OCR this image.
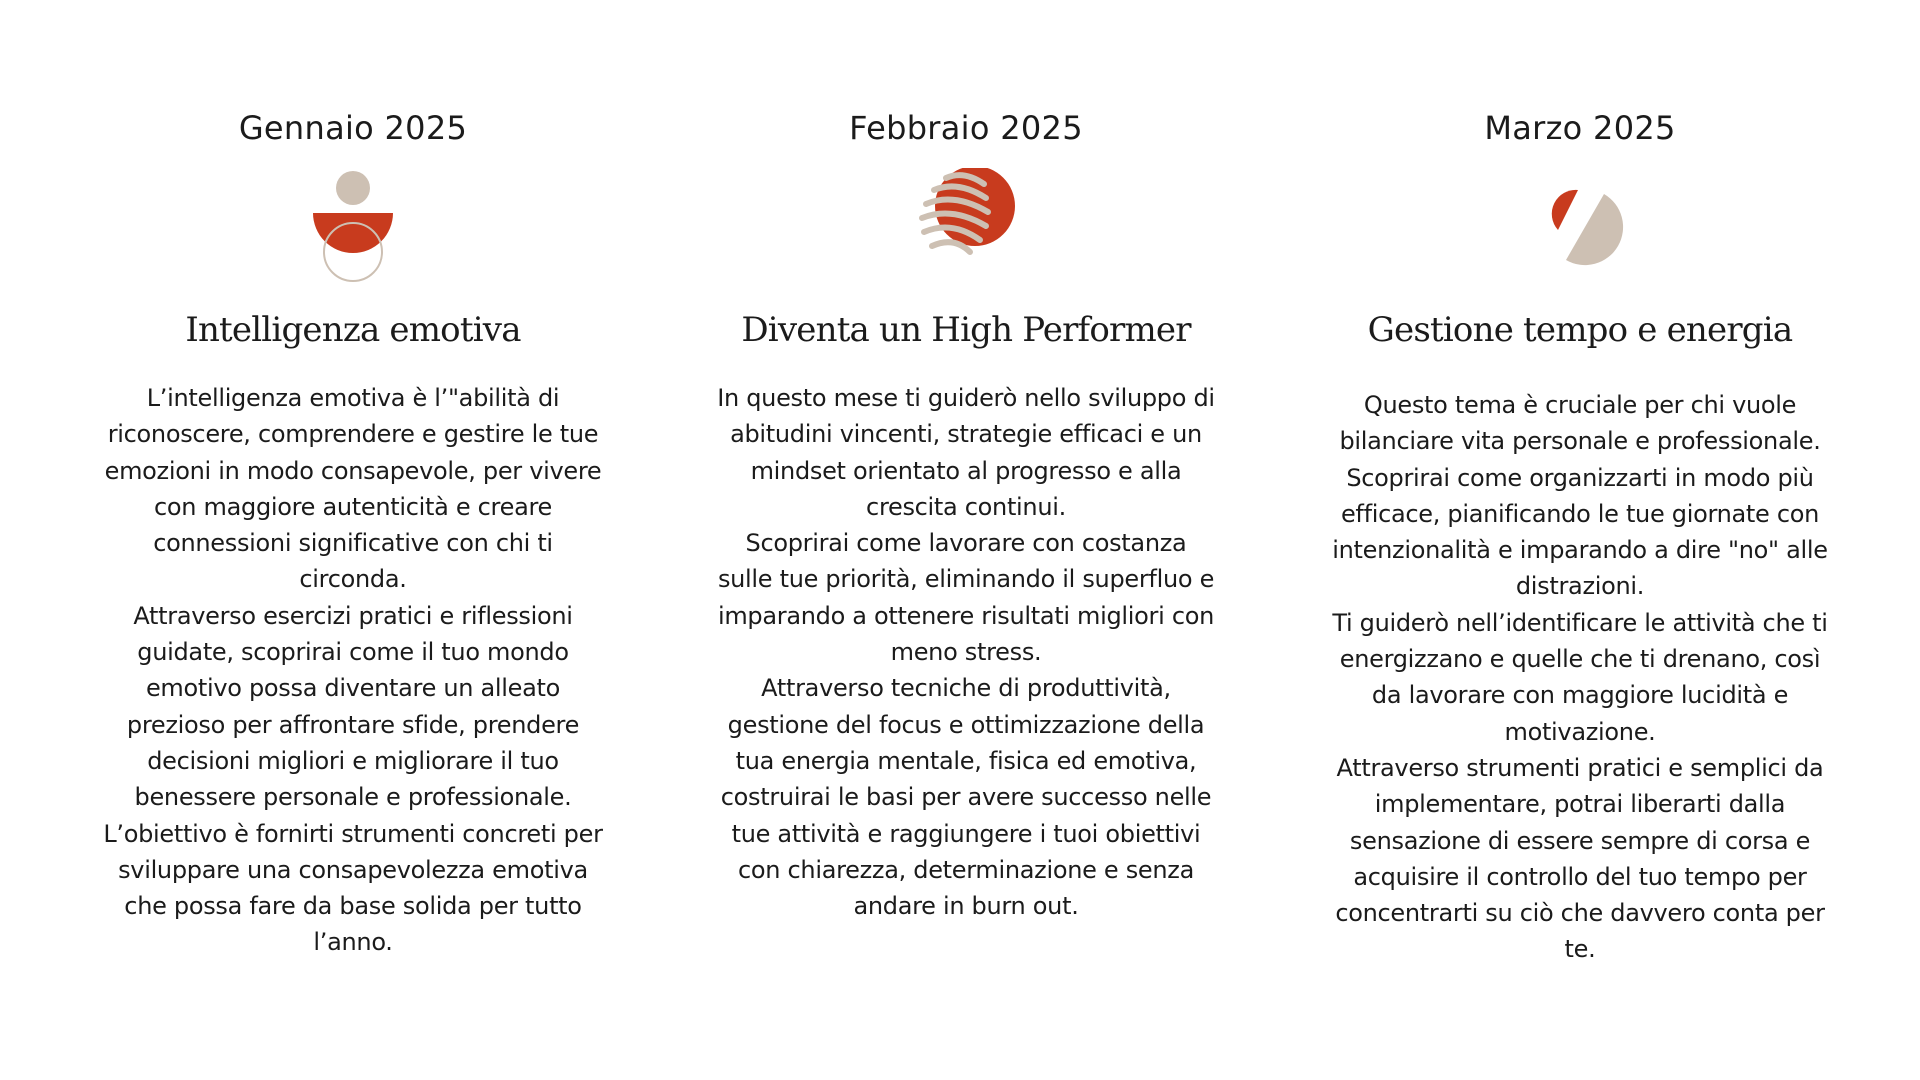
Gennaio 2025
Intelligenza emotiva

L’intelligenza emotiva è l’"abilità di riconoscere, comprendere e gestire le tue emozioni in modo consapevole, per vivere con maggiore autenticità e creare connessioni significative con chi ti circonda.
Attraverso esercizi pratici e riflessioni guidate, scoprirai come il tuo mondo emotivo possa diventare un alleato prezioso per affrontare sfide, prendere decisioni migliori e migliorare il tuo benessere personale e professionale. L’obiettivo è fornirti strumenti concreti per sviluppare una consapevolezza emotiva che possa fare da base solida per tutto l’anno.

Febbraio 2025
Diventa un High Performer

In questo mese ti guiderò nello sviluppo di abitudini vincenti, strategie efficaci e un mindset orientato al progresso e alla crescita continui.
Scoprirai come lavorare con costanza sulle tue priorità, eliminando il superfluo e imparando a ottenere risultati migliori con meno stress.
Attraverso tecniche di produttività, gestione del focus e ottimizzazione della tua energia mentale, fisica ed emotiva, costruirai le basi per avere successo nelle tue attività e raggiungere i tuoi obiettivi con chiarezza, determinazione e senza andare in burn out.

Marzo 2025
Gestione tempo e energia

Questo tema è cruciale per chi vuole bilanciare vita personale e professionale. Scoprirai come organizzarti in modo più efficace, pianificando le tue giornate con intenzionalità e imparando a dire "no" alle distrazioni.
Ti guiderò nell’identificare le attività che ti energizzano e quelle che ti drenano, così da lavorare con maggiore lucidità e motivazione.
Attraverso strumenti pratici e semplici da implementare, potrai liberarti dalla sensazione di essere sempre di corsa e acquisire il controllo del tuo tempo per concentrarti su ciò che davvero conta per te.
